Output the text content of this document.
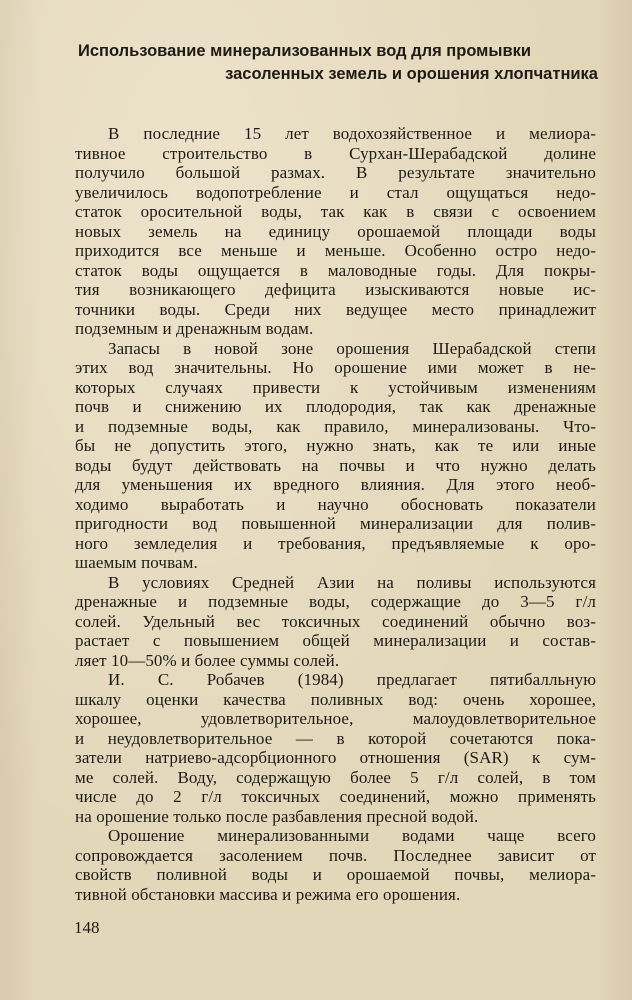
Использование минерализованных вод для промывки
засоленных земель и орошения хлопчатника
В последние 15 лет водохозяйственное и мелиора-
тивное строительство в Сурхан-Шерабадской долине
получило большой размах. В результате значительно
увеличилось водопотребление и стал ощущаться недо-
статок оросительной воды, так как в связи с освоением
новых земель на единицу орошаемой площади воды
приходится все меньше и меньше. Особенно остро недо-
статок воды ощущается в маловодные годы. Для покры-
тия возникающего дефицита изыскиваются новые ис-
точники воды. Среди них ведущее место принадлежит
подземным и дренажным водам.
Запасы в новой зоне орошения Шерабадской степи
этих вод значительны. Но орошение ими может в не-
которых случаях привести к устойчивым изменениям
почв и снижению их плодородия, так как дренажные
и подземные воды, как правило, минерализованы. Что-
бы не допустить этого, нужно знать, как те или иные
воды будут действовать на почвы и что нужно делать
для уменьшения их вредного влияния. Для этого необ-
ходимо выработать и научно обосновать показатели
пригодности вод повышенной минерализации для полив-
ного земледелия и требования, предъявляемые к оро-
шаемым почвам.
В условиях Средней Азии на поливы используются
дренажные и подземные воды, содержащие до 3—5 г/л
солей. Удельный вес токсичных соединений обычно воз-
растает с повышением общей минерализации и состав-
ляет 10—50% и более суммы солей.
И. С. Робачев (1984) предлагает пятибалльную
шкалу оценки качества поливных вод: очень хорошее,
хорошее, удовлетворительное, малоудовлетворительное
и неудовлетворительное — в которой сочетаются пока-
затели натриево-адсорбционного отношения (SAR) к сум-
ме солей. Воду, содержащую более 5 г/л солей, в том
числе до 2 г/л токсичных соединений, можно применять
на орошение только после разбавления пресной водой.
Орошение минерализованными водами чаще всего
сопровождается засолением почв. Последнее зависит от
свойств поливной воды и орошаемой почвы, мелиора-
тивной обстановки массива и режима его орошения.
148
